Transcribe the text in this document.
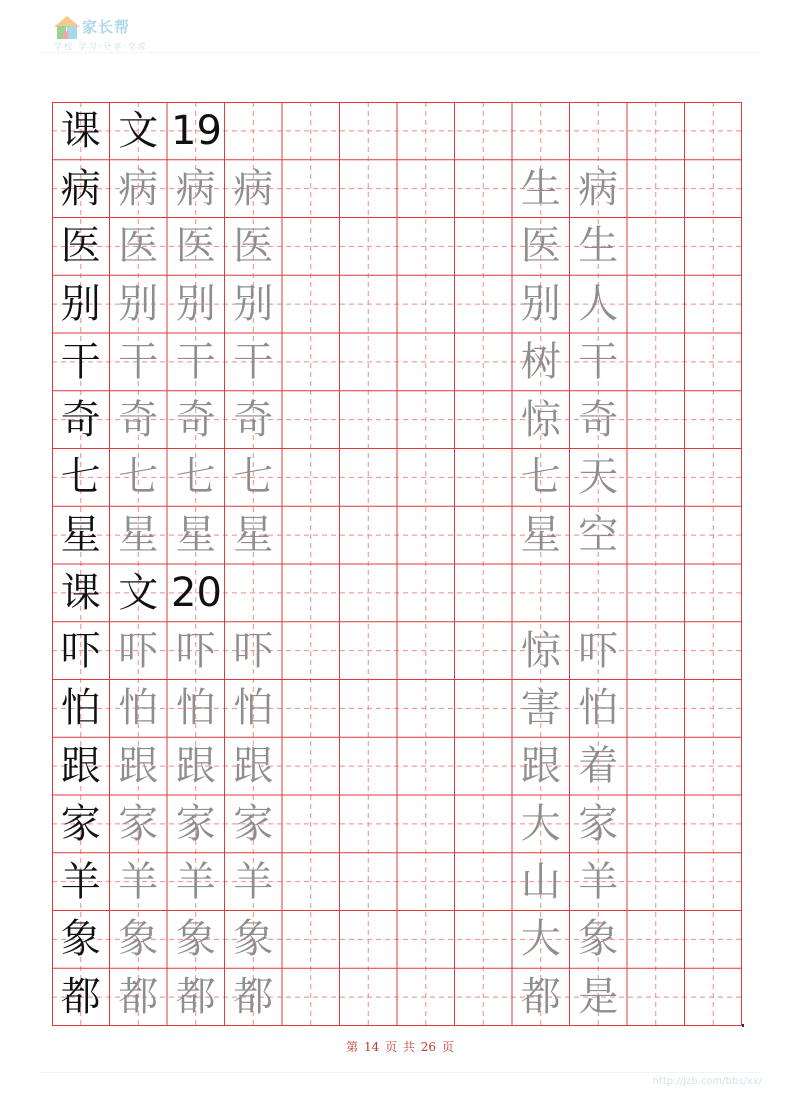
家长帮
学校·学习·分享·交流
课 文 19
病 病 病 病	生 病
医 医 医 医	医 生
别 别 别 别	别 人
干 干 干 干	树 干
奇 奇 奇 奇	惊 奇
七 七 七 七	七 天
星 星 星 星	星 空
课 文 20
吓 吓 吓 吓	惊 吓
怕 怕 怕 怕	害 怕
跟 跟 跟 跟	跟 着
家 家 家 家	大 家
羊 羊 羊 羊	山 羊
象 象 象 象	大 象
都 都 都 都	都 是
第 14 页 共 26 页
http://jzb.com/bbs/xx/
